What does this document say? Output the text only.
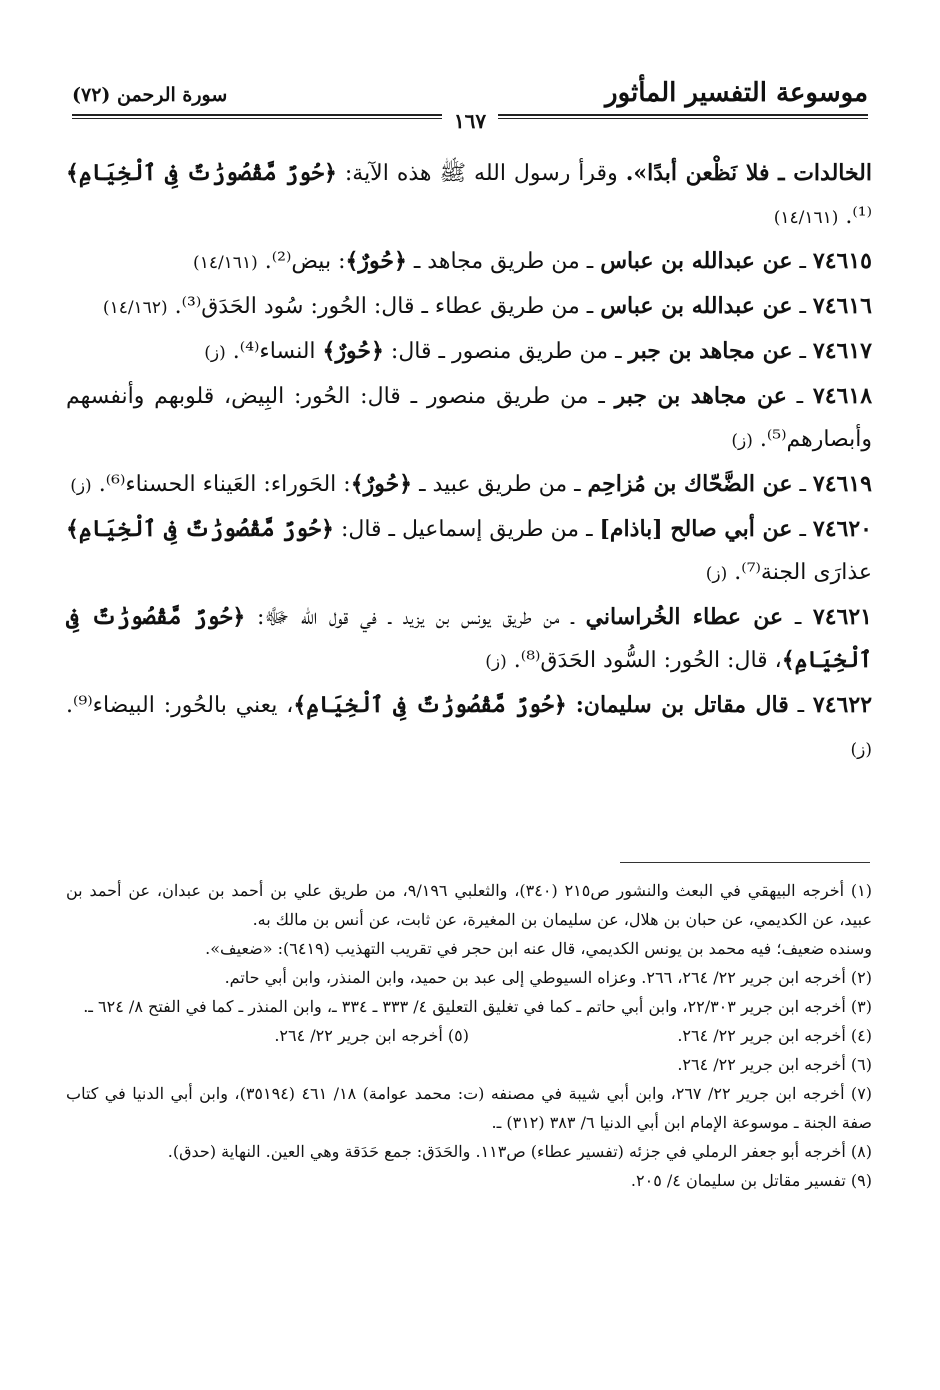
موسوعة التفسير المأثور
سورة الرحمن (٧٢)
١٦٧

الخالدات ـ فلا نَظْعن أبدًا». وقرأ رسول الله ﷺ هذه الآية: ﴿حُورٌ مَّقْصُورَٰتٌ فِى ٱلْخِيَامِ﴾⁽¹⁾. (١٤/١٦١)

٧٤٦١٥ ـ عن عبدالله بن عباس ـ من طريق مجاهد ـ ﴿حُورٌ﴾: بيض⁽²⁾. (١٤/١٦١)

٧٤٦١٦ ـ عن عبدالله بن عباس ـ من طريق عطاء ـ قال: الحُور: سُود الحَدَق⁽³⁾. (١٤/١٦٢)

٧٤٦١٧ ـ عن مجاهد بن جبر ـ من طريق منصور ـ قال: ﴿حُورٌ﴾ النساء⁽⁴⁾. (ز)

٧٤٦١٨ ـ عن مجاهد بن جبر ـ من طريق منصور ـ قال: الحُور: البِيض، قلوبهم وأنفسهم وأبصارهم⁽⁵⁾. (ز)

٧٤٦١٩ ـ عن الضَّحّاك بن مُزاحِم ـ من طريق عبيد ـ ﴿حُورٌ﴾: الحَوراء: العَيناء الحسناء⁽⁶⁾. (ز)

٧٤٦٢٠ ـ عن أبي صالح [باذام] ـ من طريق إسماعيل ـ قال: ﴿حُورٌ مَّقْصُورَٰتٌ فِى ٱلْخِيَامِ﴾ عذارَى الجنة⁽⁷⁾. (ز)

٧٤٦٢١ ـ عن عطاء الخُراساني ـ من طريق يونس بن يزيد ـ في قول الله ﷻ: ﴿حُورٌ مَّقْصُورَٰتٌ فِى ٱلْخِيَامِ﴾، قال: الحُور: السُّود الحَدَق⁽⁸⁾. (ز)

٧٤٦٢٢ ـ قال مقاتل بن سليمان: ﴿حُورٌ مَّقْصُورَٰتٌ فِى ٱلْخِيَامِ﴾، يعني بالحُور: البيضاء⁽⁹⁾. (ز)

(١) أخرجه البيهقي في البعث والنشور ص٢١٥ (٣٤٠)، والثعلبي ٩/١٩٦، من طريق علي بن أحمد بن عبدان، عن أحمد بن عبيد، عن الكديمي، عن حبان بن هلال، عن سليمان بن المغيرة، عن ثابت، عن أنس بن مالك به.

وسنده ضعيف؛ فيه محمد بن يونس الكديمي، قال عنه ابن حجر في تقريب التهذيب (٦٤١٩): «ضعيف».

(٢) أخرجه ابن جرير ٢٢/ ٢٦٤، ٢٦٦. وعزاه السيوطي إلى عبد بن حميد، وابن المنذر، وابن أبي حاتم.

(٣) أخرجه ابن جرير ٢٢/٣٠٣، وابن أبي حاتم ـ كما في تغليق التعليق ٤/ ٣٣٣ ـ ٣٣٤ ـ، وابن المنذر ـ كما في الفتح ٨/ ٦٢٤ ـ.

(٤) أخرجه ابن جرير ٢٢/ ٢٦٤.

(٥) أخرجه ابن جرير ٢٢/ ٢٦٤.

(٦) أخرجه ابن جرير ٢٢/ ٢٦٤.

(٧) أخرجه ابن جرير ٢٢/ ٢٦٧، وابن أبي شيبة في مصنفه (ت: محمد عوامة) ١٨/ ٤٦١ (٣٥١٩٤)، وابن أبي الدنيا في كتاب صفة الجنة ـ موسوعة الإمام ابن أبي الدنيا ٦/ ٣٨٣ (٣١٢) ـ.

(٨) أخرجه أبو جعفر الرملي في جزئه (تفسير عطاء) ص١١٣. والحَدَق: جمع حَدَقة وهي العين. النهاية (حدق).

(٩) تفسير مقاتل بن سليمان ٤/ ٢٠٥.
